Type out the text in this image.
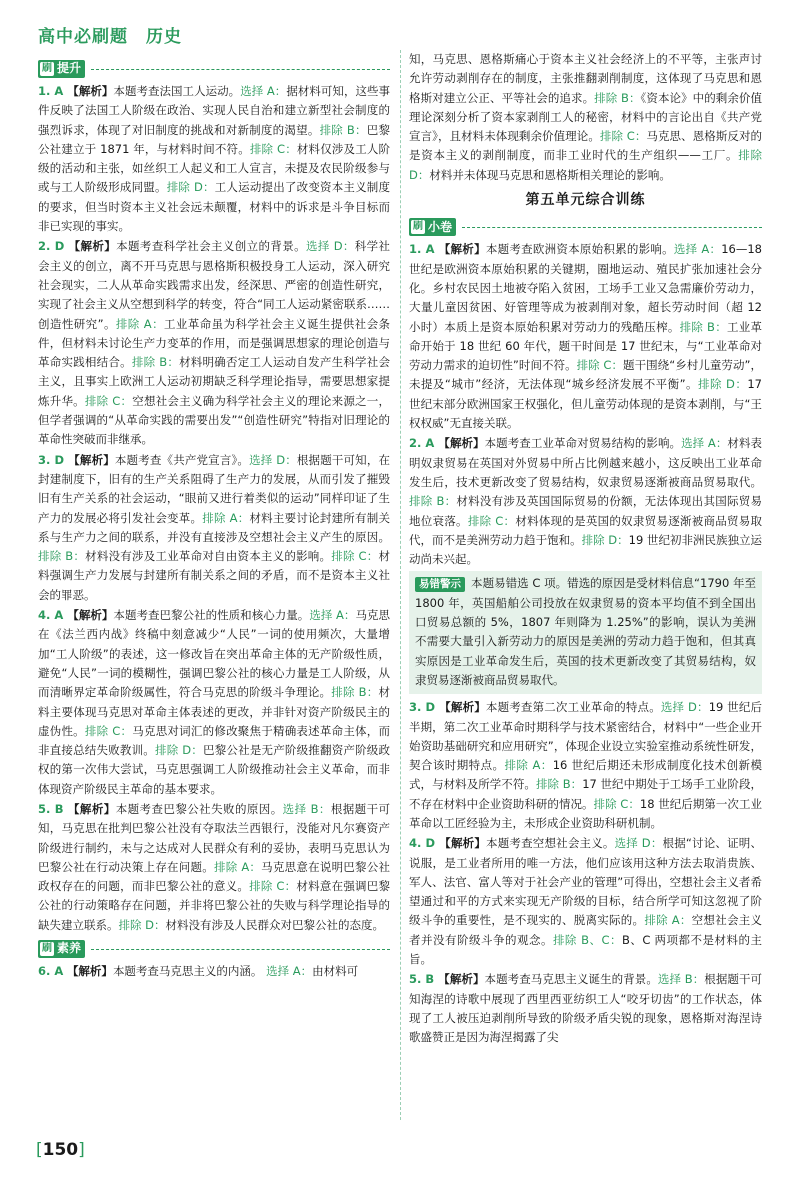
高中必刷题　历史
刷 提升
1. A 【解析】本题考查法国工人运动。选择 A：据材料可知，这些事件反映了法国工人阶级在政治、实现人民自治和建立新型社会制度的强烈诉求，体现了对旧制度的挑战和对新制度的渴望。排除 B：巴黎公社建立于 1871 年，与材料时间不符。排除 C：材料仅涉及工人阶级的活动和主张，如丝织工人起义和工人宣言，未提及农民阶级参与或与工人阶级形成同盟。排除 D：工人运动提出了改变资本主义制度的要求，但当时资本主义社会远未颠覆，材料中的诉求是斗争目标而非已实现的事实。
2. D 【解析】本题考查科学社会主义创立的背景。选择 D：科学社会主义的创立，离不开马克思与恩格斯积极投身工人运动，深入研究社会现实，二人从革命实践需求出发，经深思、严密的创造性研究，实现了社会主义从空想到科学的转变，符合“同工人运动紧密联系……创造性研究”。排除 A：工业革命虽为科学社会主义诞生提供社会条件，但材料未讨论生产力变革的作用，而是强调思想家的理论创造与革命实践相结合。排除 B：材料明确否定工人运动自发产生科学社会主义，且事实上欧洲工人运动初期缺乏科学理论指导，需要思想家提炼升华。排除 C：空想社会主义确为科学社会主义的理论来源之一，但学者强调的“从革命实践的需要出发”“创造性研究”特指对旧理论的革命性突破而非继承。
3. D 【解析】本题考查《共产党宣言》。选择 D：根据题干可知，在封建制度下，旧有的生产关系阻碍了生产力的发展，从而引发了摧毁旧有生产关系的社会运动，“眼前又进行着类似的运动”同样印证了生产力的发展必将引发社会变革。排除 A：材料主要讨论封建所有制关系与生产力之间的联系，并没有直接涉及空想社会主义产生的原因。排除 B：材料没有涉及工业革命对自由资本主义的影响。排除 C：材料强调生产力发展与封建所有制关系之间的矛盾，而不是资本主义社会的罪恶。
4. A 【解析】本题考查巴黎公社的性质和核心力量。选择 A：马克思在《法兰西内战》终稿中刻意减少“人民”一词的使用频次，大量增加“工人阶级”的表述，这一修改旨在突出革命主体的无产阶级性质，避免“人民”一词的模糊性，强调巴黎公社的核心力量是工人阶级，从而清晰界定革命阶级属性，符合马克思的阶级斗争理论。排除 B：材料主要体现马克思对革命主体表述的更改，并非针对资产阶级民主的虚伪性。排除 C：马克思对词汇的修改聚焦于精确表述革命主体，而非直接总结失败教训。排除 D：巴黎公社是无产阶级推翻资产阶级政权的第一次伟大尝试，马克思强调工人阶级推动社会主义革命，而非体现资产阶级民主革命的基本要求。
5. B 【解析】本题考查巴黎公社失败的原因。选择 B：根据题干可知，马克思在批判巴黎公社没有夺取法兰西银行，没能对凡尔赛资产阶级进行制约，未与之达成对人民群众有利的妥协，表明马克思认为巴黎公社在行动决策上存在问题。排除 A：马克思意在说明巴黎公社政权存在的问题，而非巴黎公社的意义。排除 C：材料意在强调巴黎公社的行动策略存在问题，并非将巴黎公社的失败与科学理论指导的缺失建立联系。排除 D：材料没有涉及人民群众对巴黎公社的态度。
刷 素养
6. A 【解析】本题考查马克思主义的内涵。 选择 A：由材料可
知，马克思、恩格斯痛心于资本主义社会经济上的不平等，主张声讨允许劳动剥削存在的制度，主张推翻剥削制度，这体现了马克思和恩格斯对建立公正、平等社会的追求。排除 B：《资本论》中的剩余价值理论深刻分析了资本家剥削工人的秘密，材料中的言论出自《共产党宣言》，且材料未体现剩余价值理论。排除 C：马克思、恩格斯反对的是资本主义的剥削制度，而非工业时代的生产组织——工厂。排除 D：材料并未体现马克思和恩格斯相关理论的影响。
第五单元综合训练
刷 小卷
1. A 【解析】本题考查欧洲资本原始积累的影响。选择 A：16—18 世纪是欧洲资本原始积累的关键期，圈地运动、殖民扩张加速社会分化。乡村农民因土地被夺陷入贫困，工场手工业又急需廉价劳动力，大量儿童因贫困、好管理等成为被剥削对象，超长劳动时间（超 12 小时）本质上是资本原始积累对劳动力的残酷压榨。排除 B：工业革命开始于 18 世纪 60 年代，题干时间是 17 世纪末，与“工业革命对劳动力需求的迫切性”时间不符。排除 C：题干围绕“乡村儿童劳动”，未提及“城市”经济，无法体现“城乡经济发展不平衡”。排除 D：17 世纪末部分欧洲国家王权强化，但儿童劳动体现的是资本剥削，与“王权权威”无直接关联。
2. A 【解析】本题考查工业革命对贸易结构的影响。选择 A：材料表明奴隶贸易在英国对外贸易中所占比例越来越小，这反映出工业革命发生后，技术更新改变了贸易结构，奴隶贸易逐渐被商品贸易取代。排除 B：材料没有涉及英国国际贸易的份额，无法体现出其国际贸易地位衰落。排除 C：材料体现的是英国的奴隶贸易逐渐被商品贸易取代，而不是美洲劳动力趋于饱和。排除 D：19 世纪初非洲民族独立运动尚未兴起。
易错警示 本题易错选 C 项。错选的原因是受材料信息“1790 年至 1800 年，英国船舶公司投放在奴隶贸易的资本平均值不到全国出口贸易总额的 5%，1807 年则降为 1.25%”的影响，误认为美洲不需要大量引入新劳动力的原因是美洲的劳动力趋于饱和，但其真实原因是工业革命发生后，英国的技术更新改变了其贸易结构，奴隶贸易逐渐被商品贸易取代。
3. D 【解析】本题考查第二次工业革命的特点。选择 D：19 世纪后半期，第二次工业革命时期科学与技术紧密结合，材料中“一些企业开始资助基础研究和应用研究”，体现企业设立实验室推动系统性研发，契合该时期特点。排除 A：16 世纪后期还未形成制度化技术创新模式，与材料及所学不符。排除 B：17 世纪中期处于工场手工业阶段，不存在材料中企业资助科研的情况。排除 C：18 世纪后期第一次工业革命以工匠经验为主，未形成企业资助科研机制。
4. D 【解析】本题考查空想社会主义。选择 D：根据“讨论、证明、说服，是工业者所用的唯一方法，他们应该用这种方法去取消贵族、军人、法官、富人等对于社会产业的管理”可得出，空想社会主义者希望通过和平的方式来实现无产阶级的目标，结合所学可知这忽视了阶级斗争的重要性，是不现实的、脱离实际的。排除 A：空想社会主义者并没有阶级斗争的观念。排除 B、C：B、C 两项都不是材料的主旨。
5. B 【解析】本题考查马克思主义诞生的背景。选择 B：根据题干可知海涅的诗歌中展现了西里西亚纺织工人“咬牙切齿”的工作状态，体现了工人被压迫剥削所导致的阶级矛盾尖锐的现象，恩格斯对海涅诗歌盛赞正是因为海涅揭露了尖
[150]
